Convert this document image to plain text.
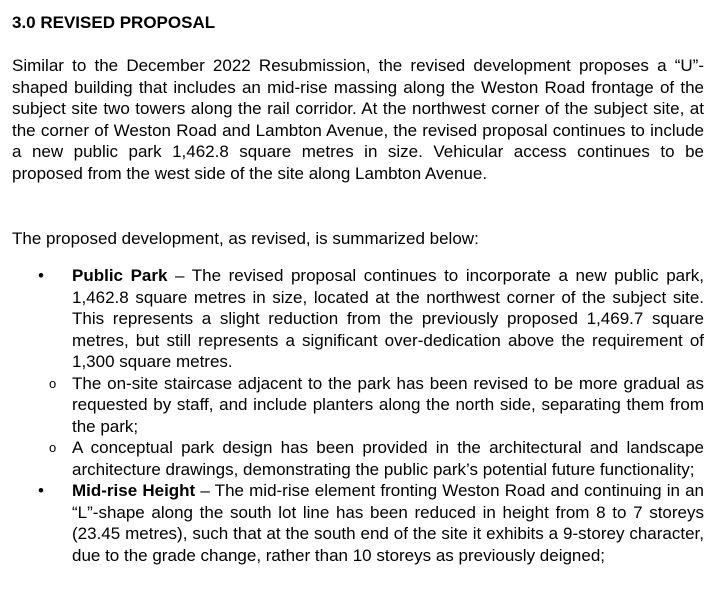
3.0 REVISED PROPOSAL

Similar to the December 2022 Resubmission, the revised development proposes a “U”-shaped building that includes an mid-rise massing along the Weston Road frontage of the subject site two towers along the rail corridor. At the northwest corner of the subject site, at the corner of Weston Road and Lambton Avenue, the revised proposal continues to include a new public park 1,462.8 square metres in size. Vehicular access continues to be proposed from the west side of the site along Lambton Avenue.

The proposed development, as revised, is summarized below:

• Public Park – The revised proposal continues to incorporate a new public park, 1,462.8 square metres in size, located at the northwest corner of the subject site. This represents a slight reduction from the previously proposed 1,469.7 square metres, but still represents a significant over-dedication above the requirement of 1,300 square metres.
o The on-site staircase adjacent to the park has been revised to be more gradual as requested by staff, and include planters along the north side, separating them from the park;
o A conceptual park design has been provided in the architectural and landscape architecture drawings, demonstrating the public park’s potential future functionality;
• Mid-rise Height – The mid-rise element fronting Weston Road and continuing in an “L”-shape along the south lot line has been reduced in height from 8 to 7 storeys (23.45 metres), such that at the south end of the site it exhibits a 9-storey character, due to the grade change, rather than 10 storeys as previously deigned;
